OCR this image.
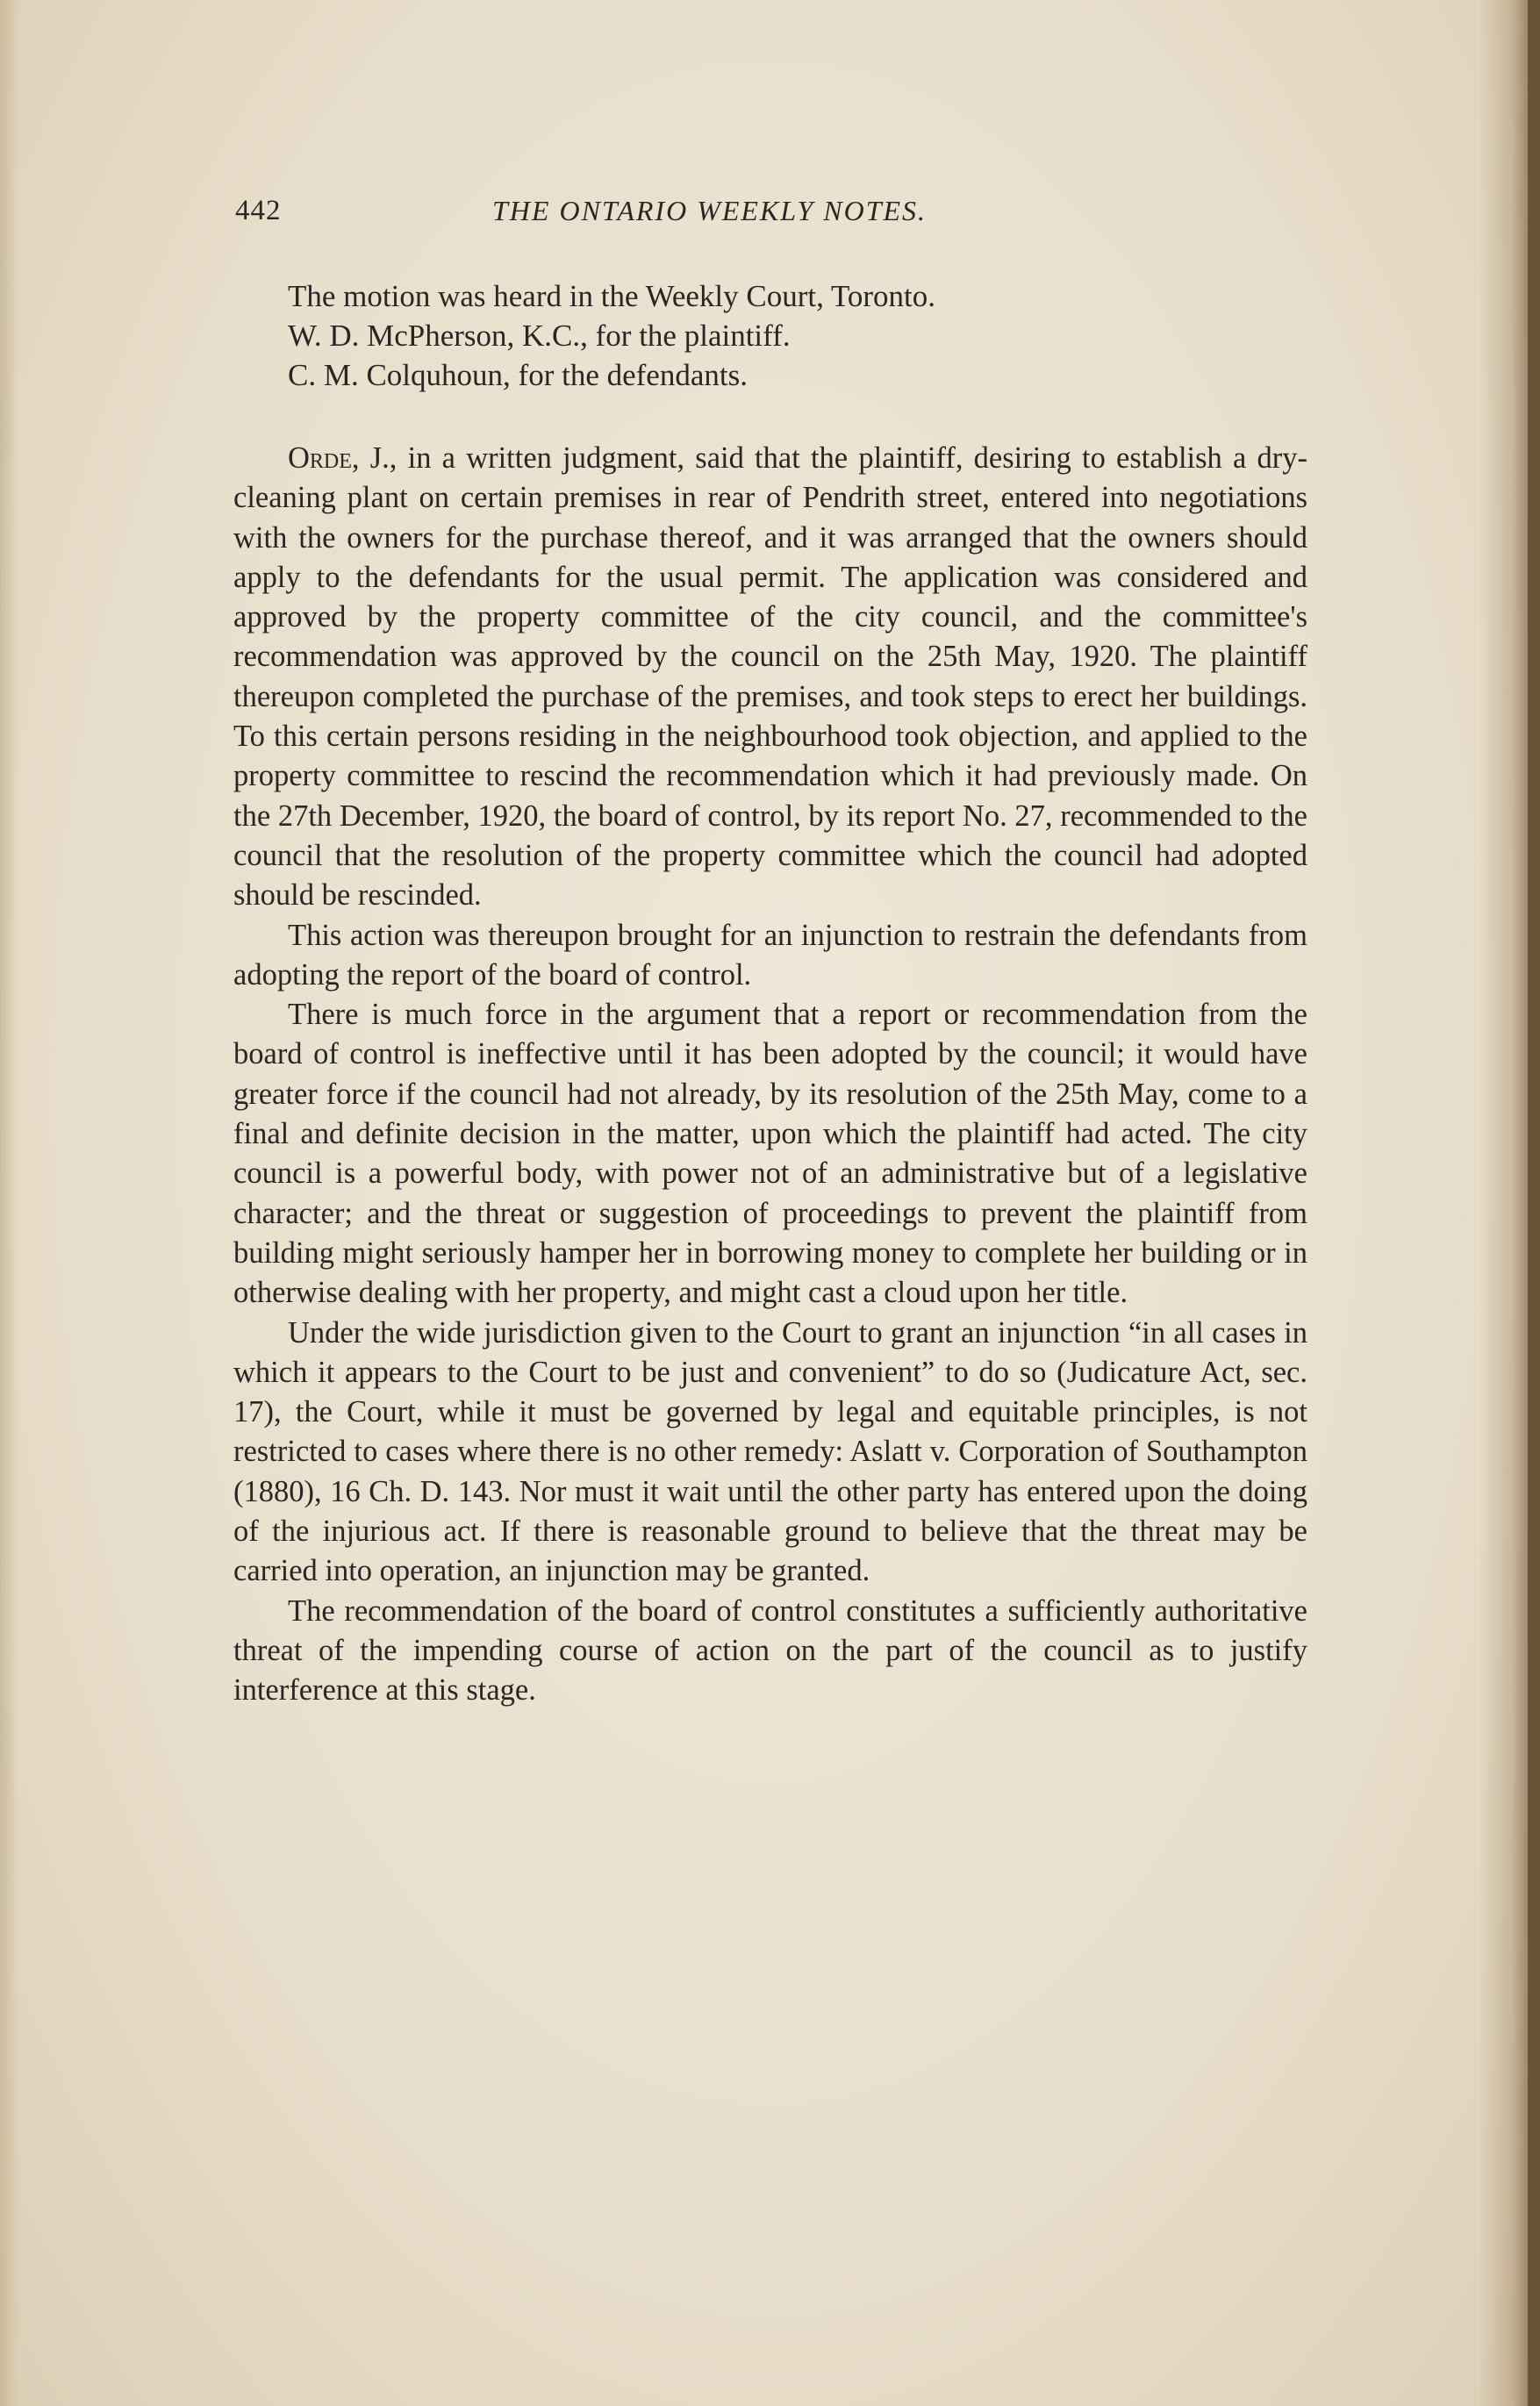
442	THE ONTARIO WEEKLY NOTES.
The motion was heard in the Weekly Court, Toronto.
W. D. McPherson, K.C., for the plaintiff.
C. M. Colquhoun, for the defendants.

Orde, J., in a written judgment, said that the plaintiff, desiring to establish a dry-cleaning plant on certain premises in rear of Pendrith street, entered into negotiations with the owners for the purchase thereof, and it was arranged that the owners should apply to the defendants for the usual permit. The application was considered and approved by the property committee of the city council, and the committee's recommendation was approved by the council on the 25th May, 1920. The plaintiff thereupon completed the purchase of the premises, and took steps to erect her buildings. To this certain persons residing in the neighbourhood took objection, and applied to the property committee to rescind the recommendation which it had previously made. On the 27th December, 1920, the board of control, by its report No. 27, recommended to the council that the resolution of the property committee which the council had adopted should be rescinded.

This action was thereupon brought for an injunction to restrain the defendants from adopting the report of the board of control.

There is much force in the argument that a report or recommendation from the board of control is ineffective until it has been adopted by the council; it would have greater force if the council had not already, by its resolution of the 25th May, come to a final and definite decision in the matter, upon which the plaintiff had acted. The city council is a powerful body, with power not of an administrative but of a legislative character; and the threat or suggestion of proceedings to prevent the plaintiff from building might seriously hamper her in borrowing money to complete her building or in otherwise dealing with her property, and might cast a cloud upon her title.

Under the wide jurisdiction given to the Court to grant an injunction “in all cases in which it appears to the Court to be just and convenient” to do so (Judicature Act, sec. 17), the Court, while it must be governed by legal and equitable principles, is not restricted to cases where there is no other remedy: Aslatt v. Corporation of Southampton (1880), 16 Ch. D. 143. Nor must it wait until the other party has entered upon the doing of the injurious act. If there is reasonable ground to believe that the threat may be carried into operation, an injunction may be granted.

The recommendation of the board of control constitutes a sufficiently authoritative threat of the impending course of action on the part of the council as to justify interference at this stage.
